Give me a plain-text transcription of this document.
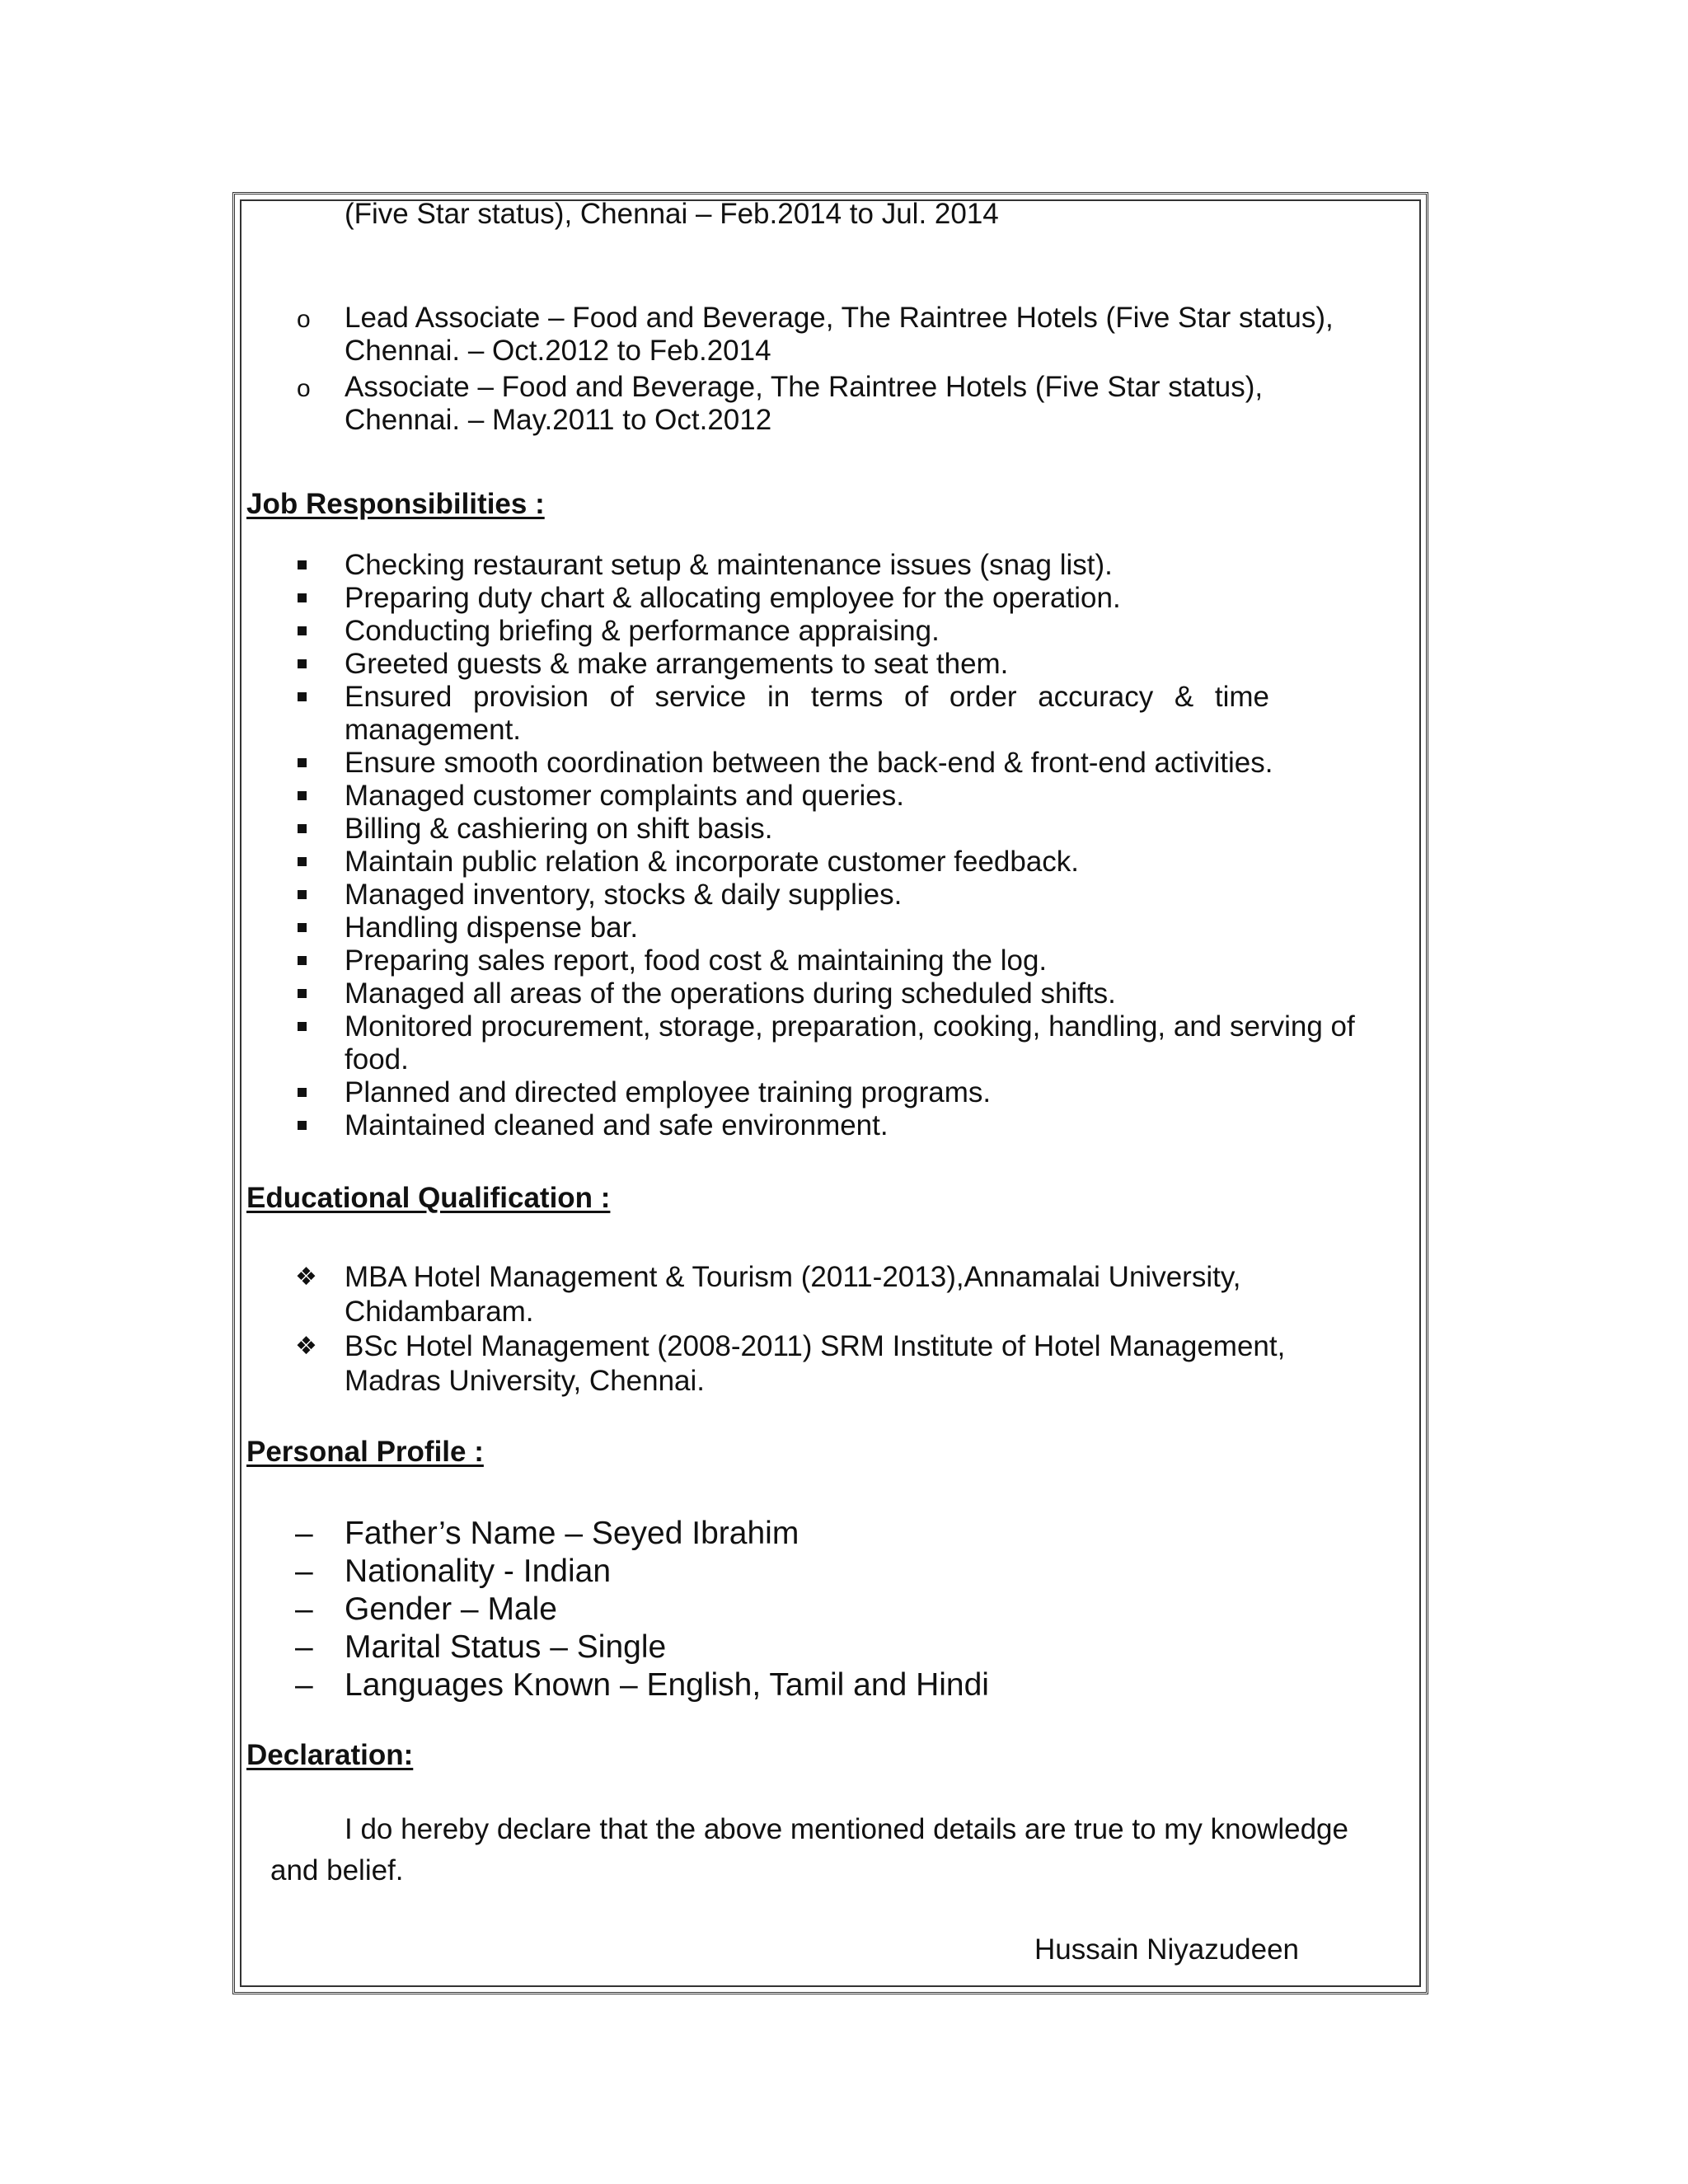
(Five Star status), Chennai – Feb.2014 to Jul. 2014
o Lead Associate – Food and Beverage, The Raintree Hotels (Five Star status),
Chennai. – Oct.2012 to Feb.2014
o Associate – Food and Beverage, The Raintree Hotels (Five Star status),
Chennai. – May.2011 to Oct.2012
Job Responsibilities :
Checking restaurant setup & maintenance issues (snag list).
Preparing duty chart & allocating employee for the operation.
Conducting briefing & performance appraising.
Greeted guests & make arrangements to seat them.
Ensured provision of service in terms of order accuracy & time
management.
Ensure smooth coordination between the back-end & front-end activities.
Managed customer complaints and queries.
Billing & cashiering on shift basis.
Maintain public relation & incorporate customer feedback.
Managed inventory, stocks & daily supplies.
Handling dispense bar.
Preparing sales report, food cost & maintaining the log.
Managed all areas of the operations during scheduled shifts.
Monitored procurement, storage, preparation, cooking, handling, and serving of
food.
Planned and directed employee training programs.
Maintained cleaned and safe environment.
Educational Qualification :
❖ MBA Hotel Management & Tourism (2011-2013),Annamalai University,
Chidambaram.
❖ BSc Hotel Management (2008-2011) SRM Institute of Hotel Management,
Madras University, Chennai.
Personal Profile :
– Father’s Name – Seyed Ibrahim
– Nationality - Indian
– Gender – Male
– Marital Status – Single
– Languages Known – English, Tamil and Hindi
Declaration:
I do hereby declare that the above mentioned details are true to my knowledge
and belief.
Hussain Niyazudeen
